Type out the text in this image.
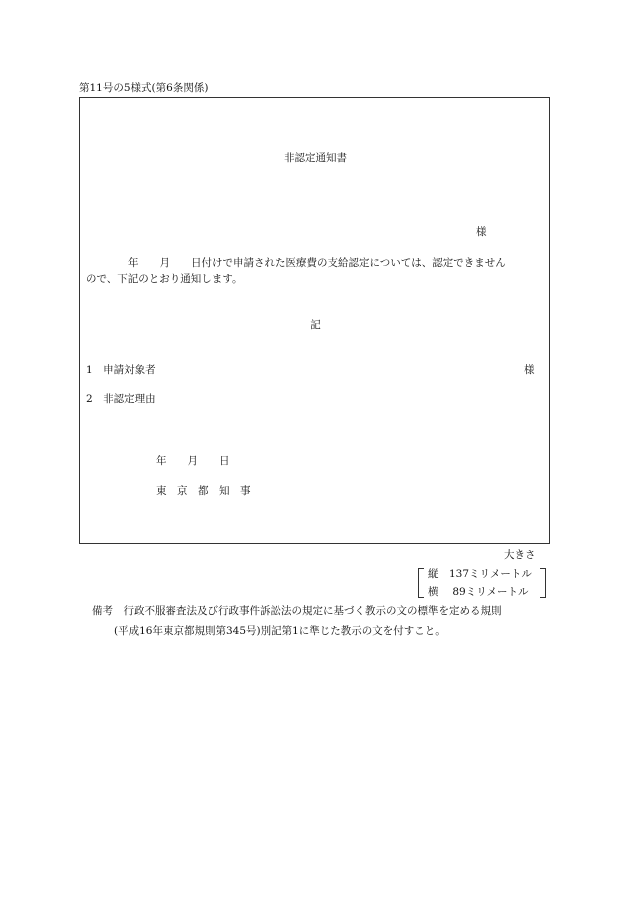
第11号の5様式(第6条関係)
非認定通知書
様
　　　　年　　月　　日付けで申請された医療費の支給認定については、認定できません
ので、下記のとおり通知します。
記
1　申請対象者	様
2　非認定理由
年　　月　　日
東　京　都　知　事
大きさ
縦　137ミリメートル
横　 89ミリメートル
備考　行政不服審査法及び行政事件訴訟法の規定に基づく教示の文の標準を定める規則
(平成16年東京都規則第345号)別記第1に準じた教示の文を付すこと。
